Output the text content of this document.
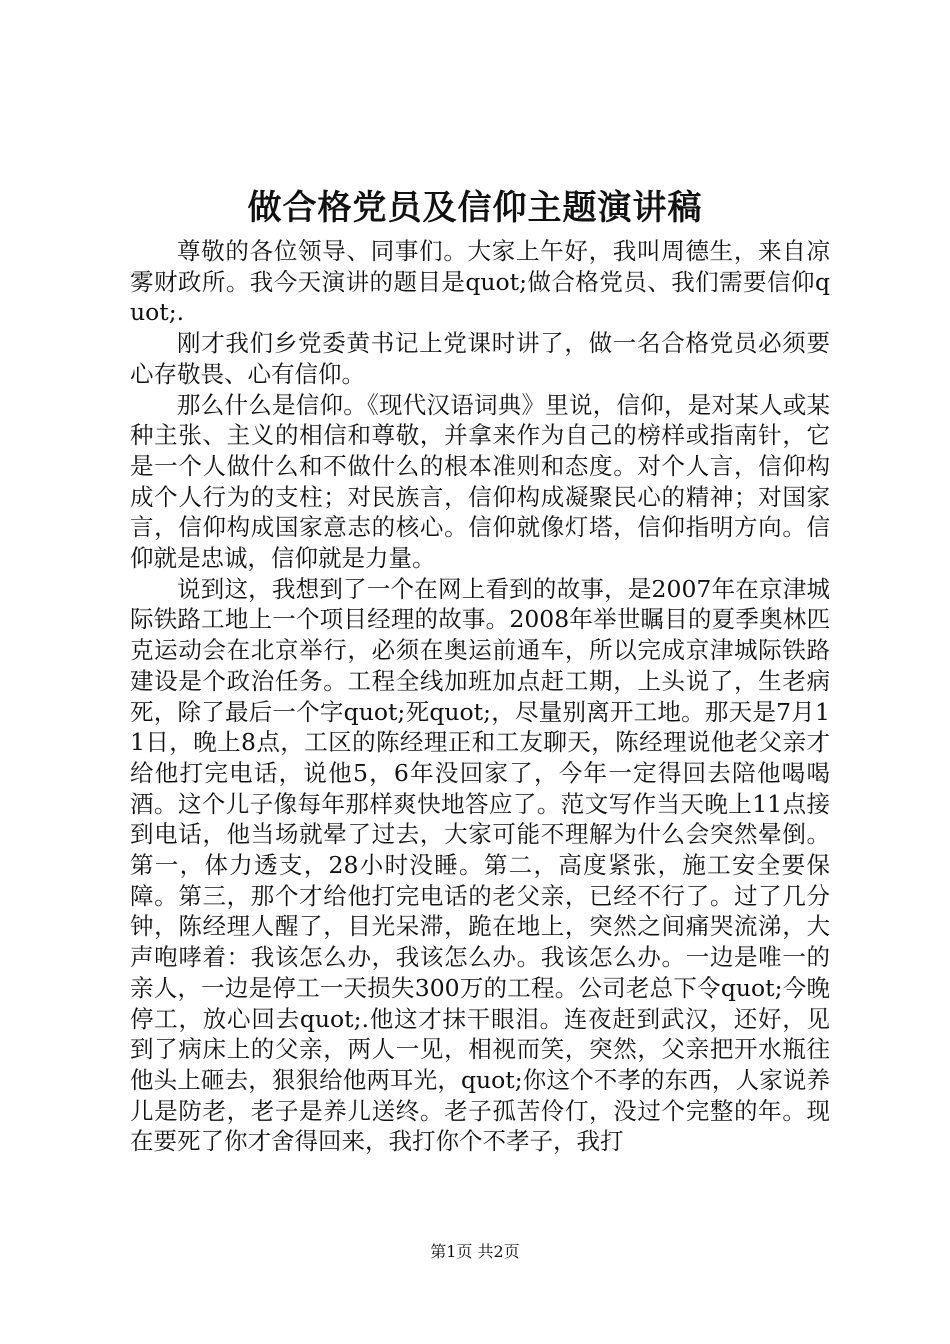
做合格党员及信仰主题演讲稿

尊敬的各位领导、同事们。大家上午好，我叫周德生，来自凉雾财政所。我今天演讲的题目是quot;做合格党员、我们需要信仰quot;.

刚才我们乡党委黄书记上党课时讲了，做一名合格党员必须要心存敬畏、心有信仰。

那么什么是信仰。《现代汉语词典》里说，信仰，是对某人或某种主张、主义的相信和尊敬，并拿来作为自己的榜样或指南针，它是一个人做什么和不做什么的根本准则和态度。对个人言，信仰构成个人行为的支柱；对民族言，信仰构成凝聚民心的精神；对国家言，信仰构成国家意志的核心。信仰就像灯塔，信仰指明方向。信仰就是忠诚，信仰就是力量。

说到这，我想到了一个在网上看到的故事，是2007年在京津城际铁路工地上一个项目经理的故事。2008年举世瞩目的夏季奥林匹克运动会在北京举行，必须在奥运前通车，所以完成京津城际铁路建设是个政治任务。工程全线加班加点赶工期，上头说了，生老病死，除了最后一个字quot;死quot;，尽量别离开工地。那天是7月11日，晚上8点，工区的陈经理正和工友聊天，陈经理说他老父亲才给他打完电话，说他5，6年没回家了，今年一定得回去陪他喝喝酒。这个儿子像每年那样爽快地答应了。范文写作当天晚上11点接到电话，他当场就晕了过去，大家可能不理解为什么会突然晕倒。第一，体力透支，28小时没睡。第二，高度紧张，施工安全要保障。第三，那个才给他打完电话的老父亲，已经不行了。过了几分钟，陈经理人醒了，目光呆滞，跪在地上，突然之间痛哭流涕，大声咆哮着：我该怎么办，我该怎么办。我该怎么办。一边是唯一的亲人，一边是停工一天损失300万的工程。公司老总下令quot;今晚停工，放心回去quot;.他这才抹干眼泪。连夜赶到武汉，还好，见到了病床上的父亲，两人一见，相视而笑，突然，父亲把开水瓶往他头上砸去，狠狠给他两耳光，quot;你这个不孝的东西，人家说养儿是防老，老子是养儿送终。老子孤苦伶仃，没过个完整的年。现在要死了你才舍得回来，我打你个不孝子，我打

第1页 共2页
